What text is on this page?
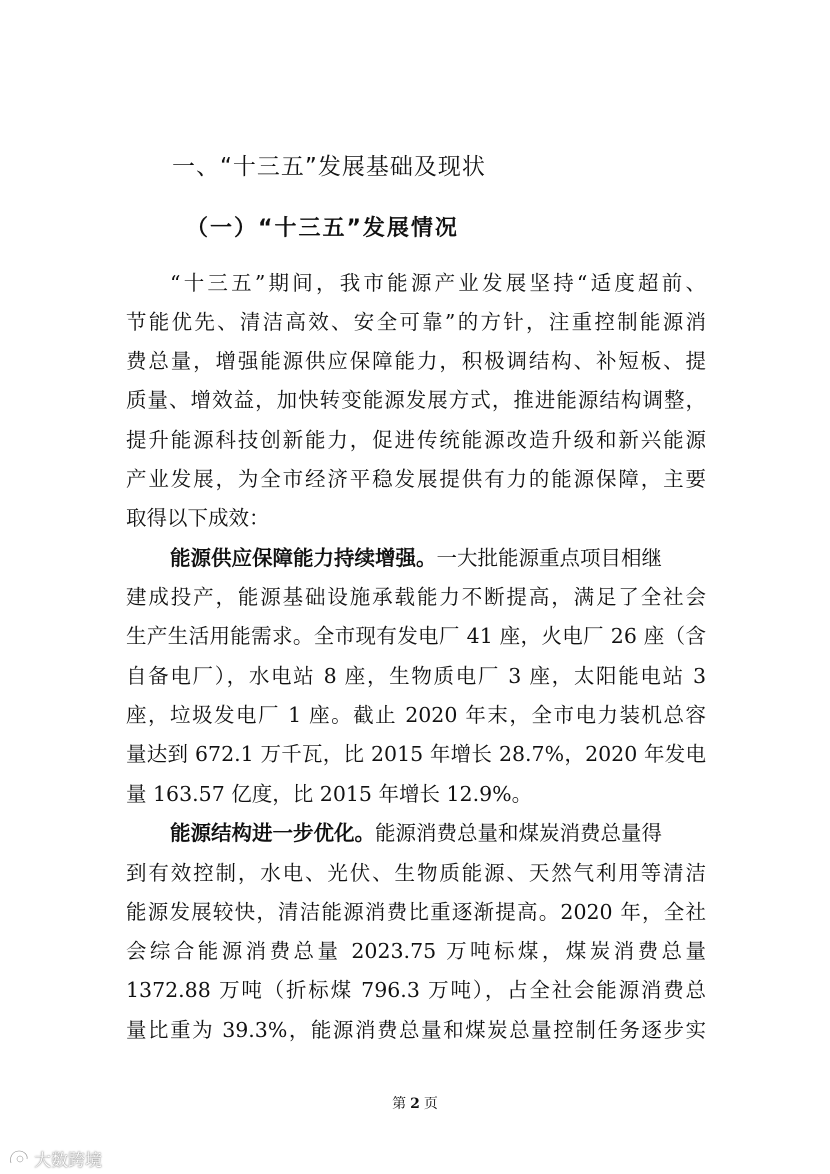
一、“十三五”发展基础及现状
（一）“十三五”发展情况
“十三五”期间，我市能源产业发展坚持“适度超前、
节能优先、清洁高效、安全可靠”的方针，注重控制能源消
费总量，增强能源供应保障能力，积极调结构、补短板、提
质量、增效益，加快转变能源发展方式，推进能源结构调整，
提升能源科技创新能力，促进传统能源改造升级和新兴能源
产业发展，为全市经济平稳发展提供有力的能源保障，主要
取得以下成效：
能源供应保障能力持续增强。一大批能源重点项目相继
建成投产，能源基础设施承载能力不断提高，满足了全社会
生产生活用能需求。全市现有发电厂 41 座，火电厂 26 座（含
自备电厂），水电站 8 座，生物质电厂 3 座，太阳能电站 3
座，垃圾发电厂 1 座。截止 2020 年末，全市电力装机总容
量达到 672.1 万千瓦，比 2015 年增长 28.7%，2020 年发电
量 163.57 亿度，比 2015 年增长 12.9%。
能源结构进一步优化。能源消费总量和煤炭消费总量得
到有效控制，水电、光伏、生物质能源、天然气利用等清洁
能源发展较快，清洁能源消费比重逐渐提高。2020 年，全社
会综合能源消费总量 2023.75 万吨标煤，煤炭消费总量
1372.88 万吨（折标煤 796.3 万吨），占全社会能源消费总
量比重为 39.3%，能源消费总量和煤炭总量控制任务逐步实
第 2 页
大数跨境
